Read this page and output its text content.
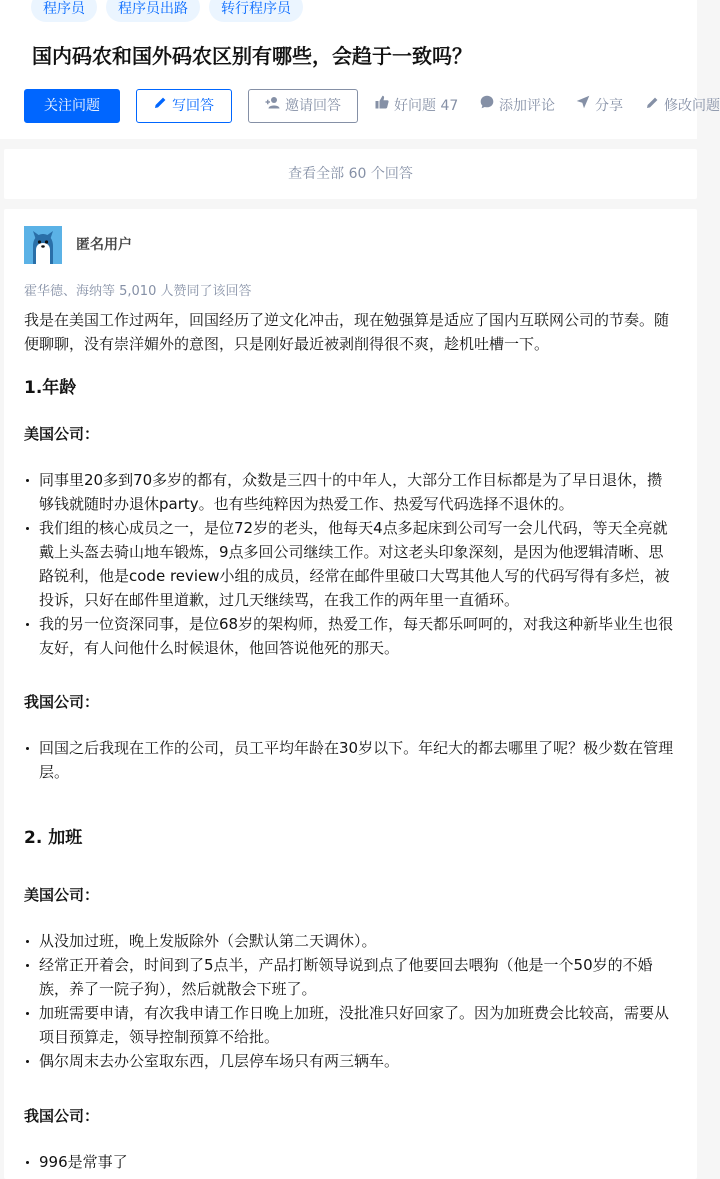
程序员	程序员出路	转行程序员
国内码农和国外码农区别有哪些，会趋于一致吗？
关注问题	写回答	邀请回答	好问题 47	添加评论	分享	修改问题
查看全部 60 个回答
匿名用户
霍华德、海纳等 5,010 人赞同了该回答

我是在美国工作过两年，回国经历了逆文化冲击，现在勉强算是适应了国内互联网公司的节奏。随便聊聊，没有崇洋媚外的意图，只是刚好最近被剥削得很不爽，趁机吐槽一下。

1.年龄

美国公司：

同事里20多到70多岁的都有，众数是三四十的中年人，大部分工作目标都是为了早日退休，攒够钱就随时办退休party。也有些纯粹因为热爱工作、热爱写代码选择不退休的。
我们组的核心成员之一，是位72岁的老头，他每天4点多起床到公司写一会儿代码，等天全亮就戴上头盔去骑山地车锻炼，9点多回公司继续工作。对这老头印象深刻，是因为他逻辑清晰、思路锐利，他是code review小组的成员，经常在邮件里破口大骂其他人写的代码写得有多烂，被投诉，只好在邮件里道歉，过几天继续骂，在我工作的两年里一直循环。
我的另一位资深同事，是位68岁的架构师，热爱工作，每天都乐呵呵的，对我这种新毕业生也很友好，有人问他什么时候退休，他回答说他死的那天。

我国公司：

回国之后我现在工作的公司，员工平均年龄在30岁以下。年纪大的都去哪里了呢？极少数在管理层。

2. 加班

美国公司：

从没加过班，晚上发版除外（会默认第二天调休）。
经常正开着会，时间到了5点半，产品打断领导说到点了他要回去喂狗（他是一个50岁的不婚族，养了一院子狗），然后就散会下班了。
加班需要申请，有次我申请工作日晚上加班，没批准只好回家了。因为加班费会比较高，需要从项目预算走，领导控制预算不给批。
偶尔周末去办公室取东西，几层停车场只有两三辆车。

我国公司：

996是常事了
